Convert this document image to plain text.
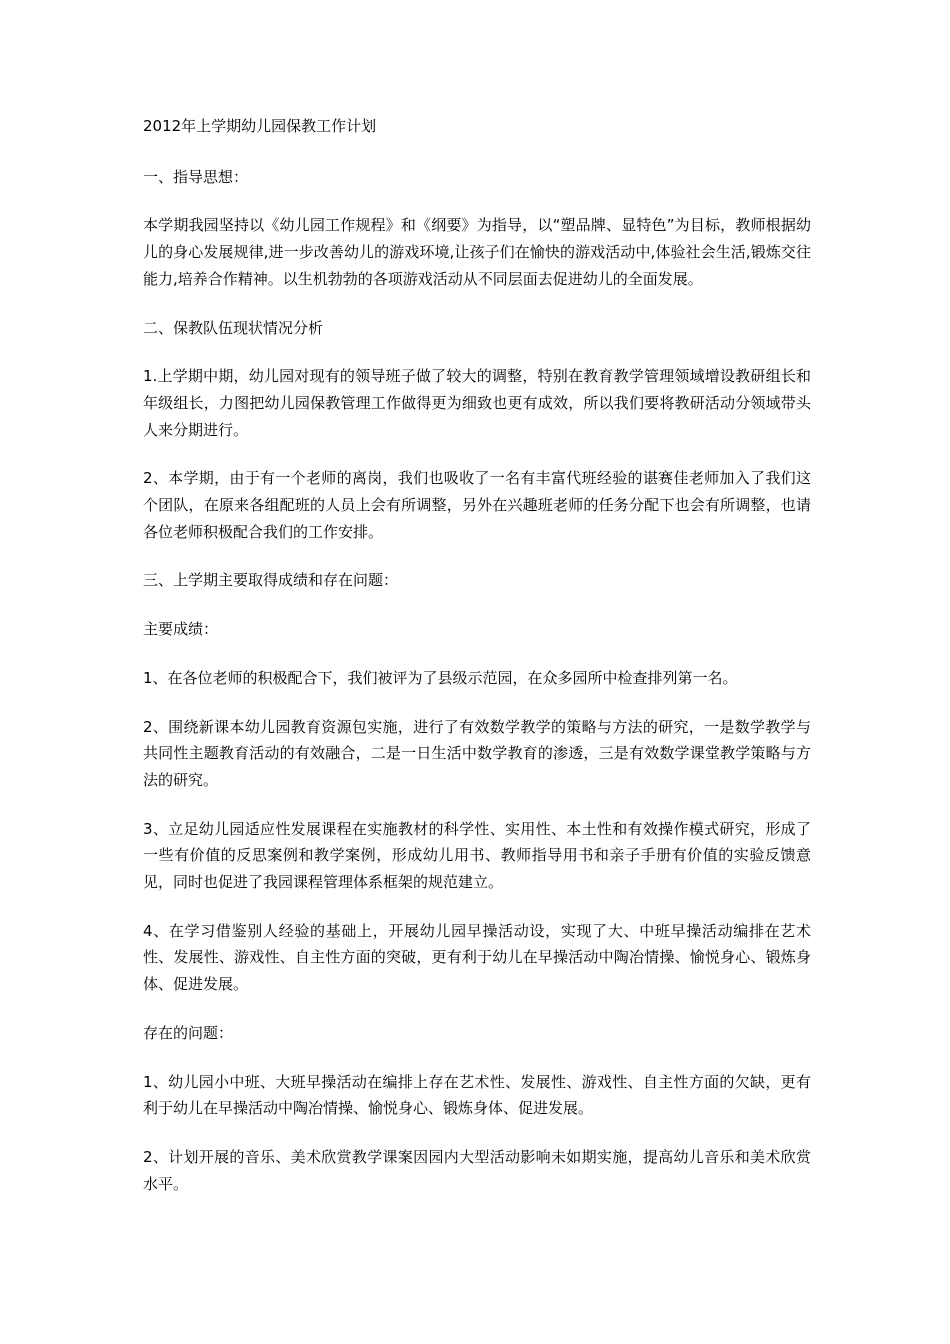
2012年上学期幼儿园保教工作计划

一、指导思想：

本学期我园坚持以《幼儿园工作规程》和《纲要》为指导，以“塑品牌、显特色”为目标，教师根据幼儿的身心发展规律,进一步改善幼儿的游戏环境,让孩子们在愉快的游戏活动中,体验社会生活,锻炼交往能力,培养合作精神。以生机勃勃的各项游戏活动从不同层面去促进幼儿的全面发展。

二、保教队伍现状情况分析

1.上学期中期，幼儿园对现有的领导班子做了较大的调整，特别在教育教学管理领域增设教研组长和年级组长，力图把幼儿园保教管理工作做得更为细致也更有成效，所以我们要将教研活动分领域带头人来分期进行。

2、本学期，由于有一个老师的离岗，我们也吸收了一名有丰富代班经验的谌赛佳老师加入了我们这个团队，在原来各组配班的人员上会有所调整，另外在兴趣班老师的任务分配下也会有所调整，也请各位老师积极配合我们的工作安排。

三、上学期主要取得成绩和存在问题：

主要成绩：

1、在各位老师的积极配合下，我们被评为了县级示范园，在众多园所中检查排列第一名。

2、围绕新课本幼儿园教育资源包实施，进行了有效数学教学的策略与方法的研究，一是数学教学与共同性主题教育活动的有效融合，二是一日生活中数学教育的渗透，三是有效数学课堂教学策略与方法的研究。

3、立足幼儿园适应性发展课程在实施教材的科学性、实用性、本土性和有效操作模式研究，形成了一些有价值的反思案例和教学案例，形成幼儿用书、教师指导用书和亲子手册有价值的实验反馈意见，同时也促进了我园课程管理体系框架的规范建立。

4、在学习借鉴别人经验的基础上，开展幼儿园早操活动设，实现了大、中班早操活动编排在艺术性、发展性、游戏性、自主性方面的突破，更有利于幼儿在早操活动中陶冶情操、愉悦身心、锻炼身体、促进发展。

存在的问题：

1、幼儿园小中班、大班早操活动在编排上存在艺术性、发展性、游戏性、自主性方面的欠缺，更有利于幼儿在早操活动中陶冶情操、愉悦身心、锻炼身体、促进发展。

2、计划开展的音乐、美术欣赏教学课案因园内大型活动影响未如期实施，提高幼儿音乐和美术欣赏水平。
